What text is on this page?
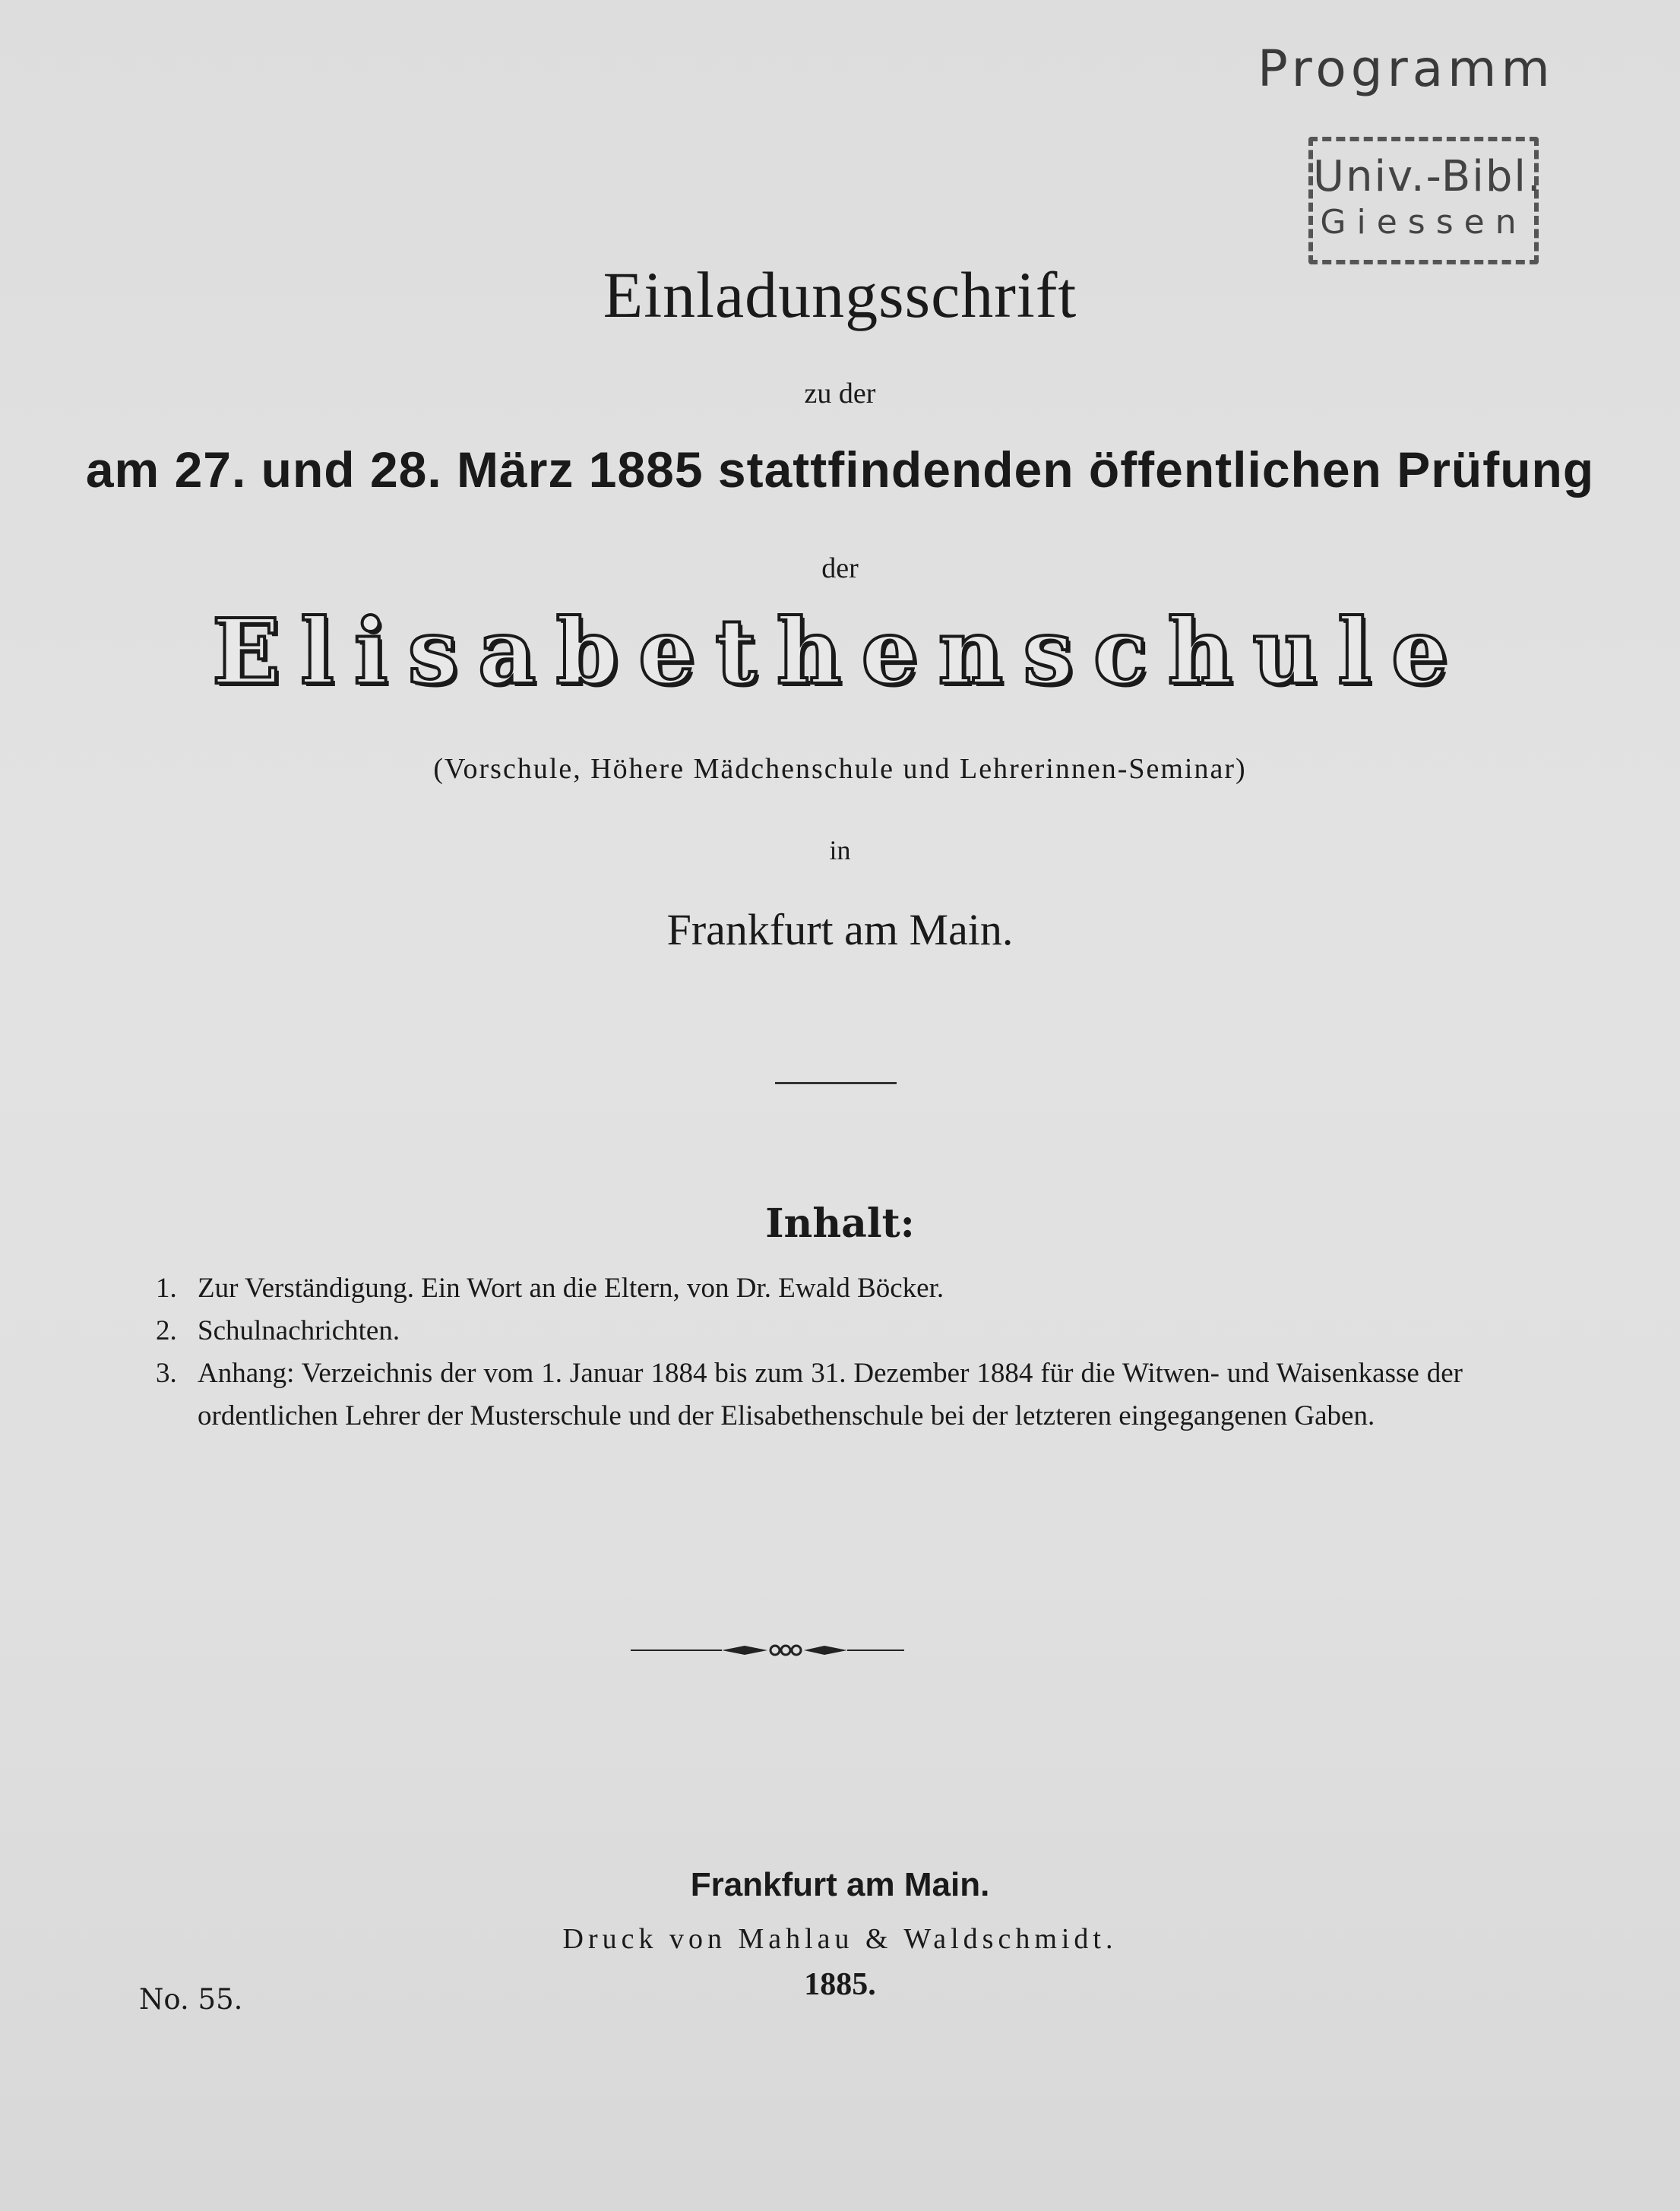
Programm
Univ.-Bibl.
Giessen
Einladungsschrift
zu der
am 27. und 28. März 1885 stattfindenden öffentlichen Prüfung
der
Elisabethenschule
(Vorschule, Höhere Mädchenschule und Lehrerinnen-Seminar)
in
Frankfurt am Main.
Inhalt:
1. Zur Verständigung. Ein Wort an die Eltern, von Dr. Ewald Böcker.
2. Schulnachrichten.
3. Anhang: Verzeichnis der vom 1. Januar 1884 bis zum 31. Dezember 1884 für die Witwen- und Waisenkasse der ordentlichen Lehrer der Musterschule und der Elisabethenschule bei der letzteren eingegangenen Gaben.
Frankfurt am Main.
Druck von Mahlau & Waldschmidt.
1885.
No. 55.
